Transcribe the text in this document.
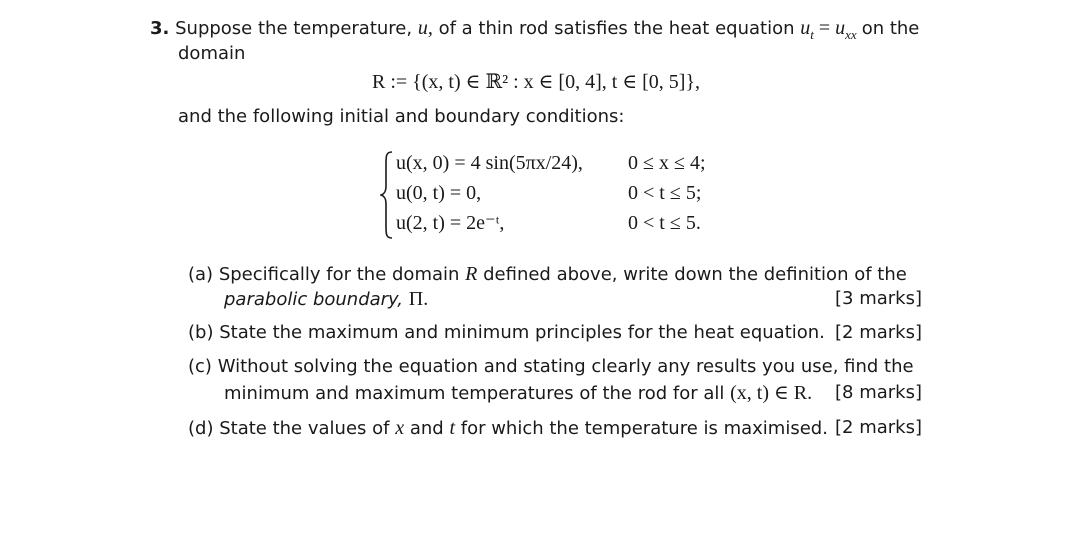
3. Suppose the temperature, u, of a thin rod satisfies the heat equation $u_t = u_{xx}$ on the
domain
R := {(x, t) ∈ ℝ² : x ∈ [0, 4], t ∈ [0, 5]},
and the following initial and boundary conditions:
u(x, 0) = 4 sin(5πx/24), 0 ≤ x ≤ 4;
u(0, t) = 0,	0 < t ≤ 5;
u(2, t) = 2e⁻ᵗ,	0 < t ≤ 5.
(a) Specifically for the domain R defined above, write down the definition of the
parabolic boundary, Π.	[3 marks]
(b) State the maximum and minimum principles for the heat equation. [2 marks]
(c) Without solving the equation and stating clearly any results you use, find the
minimum and maximum temperatures of the rod for all (x, t) ∈ R. [8 marks]
(d) State the values of x and t for which the temperature is maximised. [2 marks]
